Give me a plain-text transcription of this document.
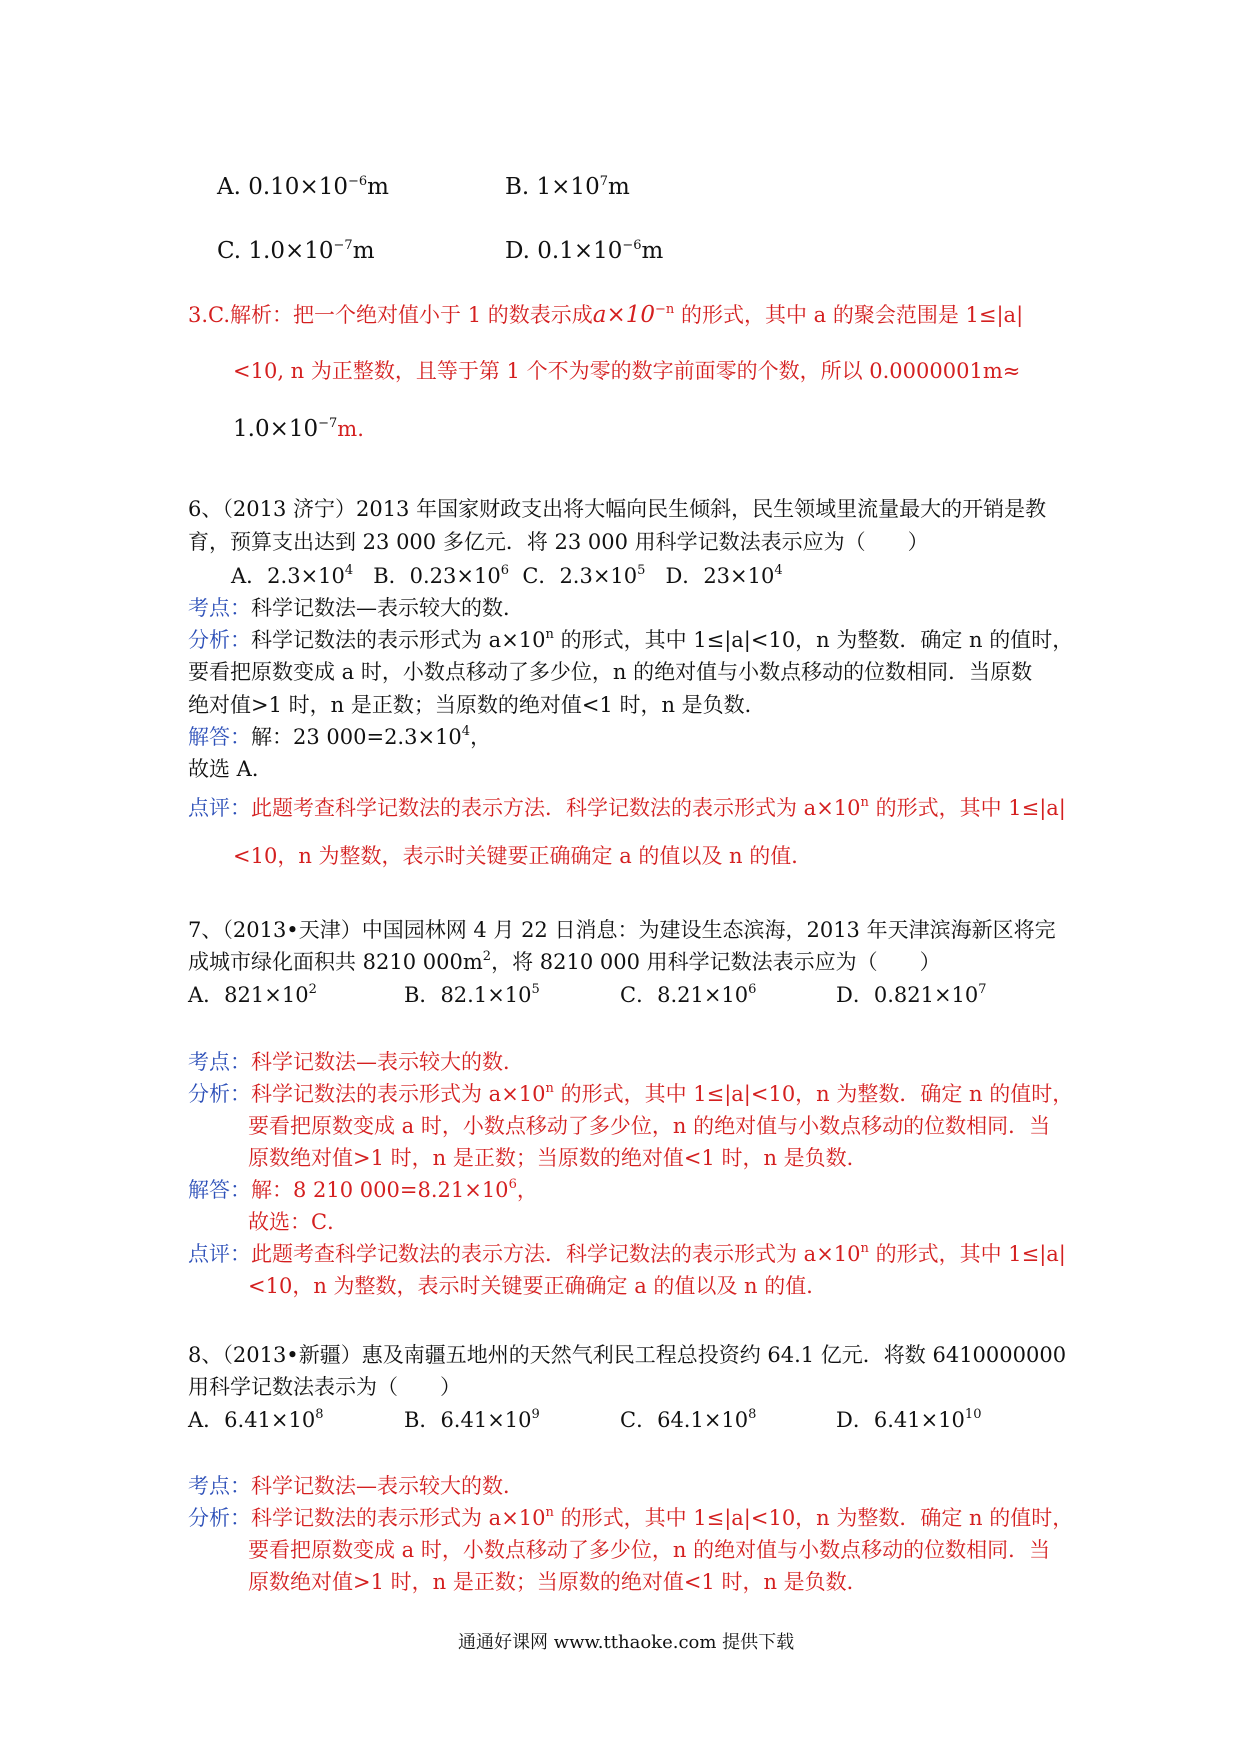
A. $0.10\times 10^{-6}m$	B. $1\times 10^7m$
C. $1.0\times 10^{-7}m$	D. $0.1\times 10^{-6}m$
3.C.解析：把一个绝对值小于 1 的数表示成$a\times 10^{-n}$ 的形式，其中 a 的聚会范围是 1≤|a|
<10, n 为正整数，且等于第 1 个不为零的数字前面零的个数，所以 0.0000001m≈
$1.0\times 10^{-7}m$.
6、（2013 济宁）2013 年国家财政支出将大幅向民生倾斜，民生领域里流量最大的开销是教
育，预算支出达到 23 000 多亿元．将 23 000 用科学记数法表示应为（　　）
A．$2.3\times 10^4$ B．$0.23\times 10^6$ C．$2.3\times 10^5$ D．$23\times 10^4$
考点：科学记数法—表示较大的数．
分析：科学记数法的表示形式为 $a\times 10^n$ 的形式，其中 1≤|a|<10，n 为整数．确定 n 的值时，
要看把原数变成 a 时，小数点移动了多少位，n 的绝对值与小数点移动的位数相同．当原数
绝对值>1 时，n 是正数；当原数的绝对值<1 时，n 是负数．
解答：解：23 $000=2.3\times 10^4$，
故选 A．
点评：此题考查科学记数法的表示方法．科学记数法的表示形式为 $a\times 10^n$ 的形式，其中 1≤|a|
<10，n 为整数，表示时关键要正确确定 a 的值以及 n 的值．
7、（2013•天津）中国园林网 4 月 22 日消息：为建设生态滨海，2013 年天津滨海新区将完
成城市绿化面积共 8210 $000m^2$，将 8210 000 用科学记数法表示应为（　　）
A．$821\times 10^2$	B．$82.1\times 10^5$	C．$8.21\times 10^6$	D．$0.821\times 10^7$
考点：科学记数法—表示较大的数．
分析：科学记数法的表示形式为 $a\times 10^n$ 的形式，其中 1≤|a|<10，n 为整数．确定 n 的值时，
要看把原数变成 a 时，小数点移动了多少位，n 的绝对值与小数点移动的位数相同．当
原数绝对值>1 时，n 是正数；当原数的绝对值<1 时，n 是负数．
解答：解：8 210 $000=8.21\times 10^6$，
故选：C．
点评：此题考查科学记数法的表示方法．科学记数法的表示形式为 $a\times 10^n$ 的形式，其中 1≤|a|
<10，n 为整数，表示时关键要正确确定 a 的值以及 n 的值．
8、（2013•新疆）惠及南疆五地州的天然气利民工程总投资约 64.1 亿元．将数 6410000000
用科学记数法表示为（　　）
A．$6.41\times 10^8$	B．$6.41\times 10^9$	C．$64.1\times 10^8$	D．$6.41\times 10^{10}$
考点：科学记数法—表示较大的数．
分析：科学记数法的表示形式为 $a\times 10^n$ 的形式，其中 1≤|a|<10，n 为整数．确定 n 的值时，
要看把原数变成 a 时，小数点移动了多少位，n 的绝对值与小数点移动的位数相同．当
原数绝对值>1 时，n 是正数；当原数的绝对值<1 时，n 是负数．
通通好课网 www.tthaoke.com 提供下载
